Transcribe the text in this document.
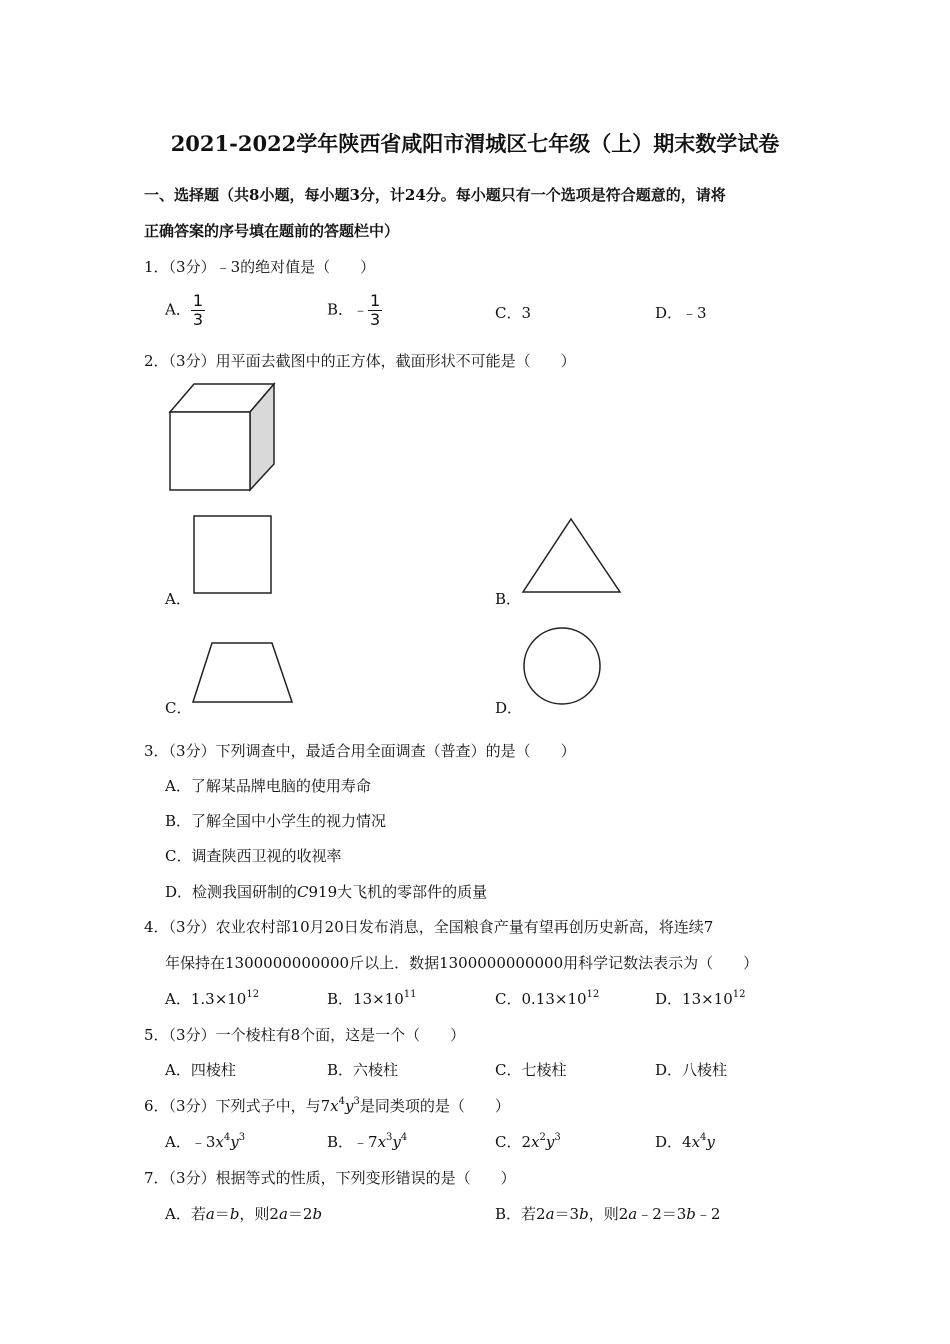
2021-2022学年陕西省咸阳市渭城区七年级（上）期末数学试卷
一、选择题（共8小题，每小题3分，计24分。每小题只有一个选项是符合题意的，请将
正确答案的序号填在题前的答题栏中）
1．（3分）﹣3的绝对值是（　　）
A． $\frac{1}{3}$	B．﹣ $\frac{1}{3}$	C．3	D．﹣3
2．（3分）用平面去截图中的正方体，截面形状不可能是（　　）
A．	B．
C．	D．
3．（3分）下列调查中，最适合用全面调查（普查）的是（　　）
A．了解某品牌电脑的使用寿命
B．了解全国中小学生的视力情况
C．调查陕西卫视的收视率
D．检测我国研制的C919大飞机的零部件的质量
4．（3分）农业农村部10月20日发布消息，全国粮食产量有望再创历史新高，将连续7
年保持在1300000000000斤以上．数据1300000000000用科学记数法表示为（　　）
A．$1.3\times 10^{12}$	B．$13\times 10^{11}$	C．$0.13\times 10^{12}$	D．$13\times 10^{12}$
5．（3分）一个棱柱有8个面，这是一个（　　）
A．四棱柱	B．六棱柱	C．七棱柱	D．八棱柱
6．（3分）下列式子中，与$7x^4y^3$是同类项的是（　　）
A．$﹣3x^4y^3$	B．$﹣7x^3y^4$	C．$2x^2y^3$	D．$4x^4y$
7．（3分）根据等式的性质，下列变形错误的是（　　）
A．若a＝b，则2a＝2b	B．若2a＝3b，则2a﹣2＝3b﹣2
